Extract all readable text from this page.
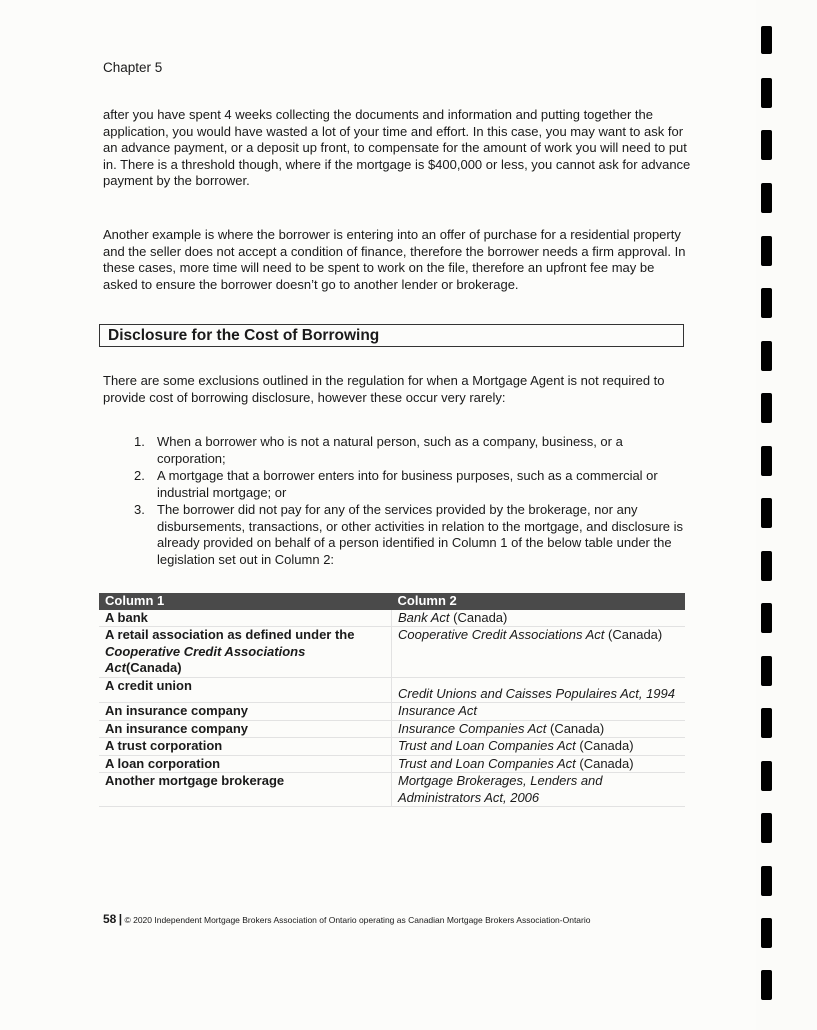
Chapter 5

after you have spent 4 weeks collecting the documents and information and putting together the application, you would have wasted a lot of your time and effort. In this case, you may want to ask for an advance payment, or a deposit up front, to compensate for the amount of work you will need to put in. There is a threshold though, where if the mortgage is $400,000 or less, you cannot ask for advance payment by the borrower.

Another example is where the borrower is entering into an offer of purchase for a residential property and the seller does not accept a condition of finance, therefore the borrower needs a firm approval. In these cases, more time will need to be spent to work on the file, therefore an upfront fee may be asked to ensure the borrower doesn’t go to another lender or brokerage.

Disclosure for the Cost of Borrowing

There are some exclusions outlined in the regulation for when a Mortgage Agent is not required to provide cost of borrowing disclosure, however these occur very rarely:

1. When a borrower who is not a natural person, such as a company, business, or a corporation;
2. A mortgage that a borrower enters into for business purposes, such as a commercial or industrial mortgage; or
3. The borrower did not pay for any of the services provided by the brokerage, nor any disbursements, transactions, or other activities in relation to the mortgage, and disclosure is already provided on behalf of a person identified in Column 1 of the below table under the legislation set out in Column 2:
Column 1	Column 2
A bank	Bank Act (Canada)
A retail association as defined under the Cooperative Credit Associations Act(Canada)	Cooperative Credit Associations Act (Canada)
A credit union	Credit Unions and Caisses Populaires Act, 1994
An insurance company	Insurance Act
An insurance company	Insurance Companies Act (Canada)
A trust corporation	Trust and Loan Companies Act (Canada)
A loan corporation	Trust and Loan Companies Act (Canada)
Another mortgage brokerage	Mortgage Brokerages, Lenders and Administrators Act, 2006
58 | © 2020 Independent Mortgage Brokers Association of Ontario operating as Canadian Mortgage Brokers Association-Ontario
